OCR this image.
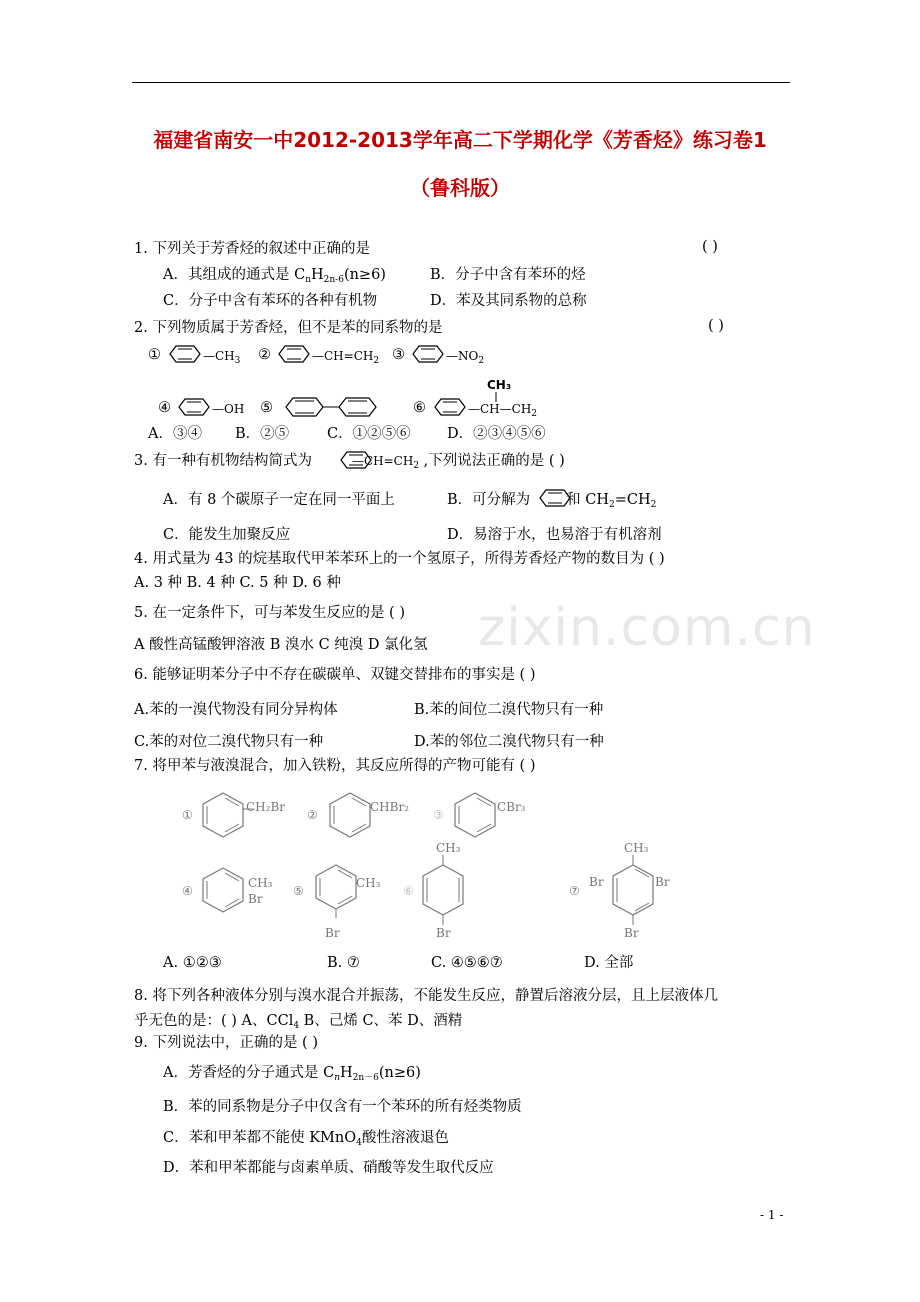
福建省南安一中2012-2013学年高二下学期化学《芳香烃》练习卷1
（鲁科版）
zixin.com.cn
1. 下列关于芳香烃的叙述中正确的是	( )
A．其组成的通式是 $C_nH_{2n-6}(n\ge 6)$	B．分子中含有苯环的烃
C．分子中含有苯环的各种有机物	D．苯及其同系物的总称
2. 下列物质属于芳香烃，但不是苯的同系物的是	( )
①	$—CH_3$ ②	$—CH=CH_2$ ③	$—NO_2$
④	—OH ⑤	⑥
CH₃
$—CH—CH_2$
A．③④ B．②⑤	C．①②⑤⑥	D．②③④⑤⑥
3. 有一种有机物结构简式为	$—CH=CH_2$ ,下列说法正确的是 ( )
A．有 8 个碳原子一定在同一平面上	B．可分解为 和 $CH_2=CH_2$
C．能发生加聚反应	D．易溶于水，也易溶于有机溶剂
4. 用式量为 43 的烷基取代甲苯苯环上的一个氢原子，所得芳香烃产物的数目为 ( )
A. 3 种 B. 4 种 C. 5 种 D. 6 种
5. 在一定条件下，可与苯发生反应的是 ( )
A 酸性高锰酸钾溶液 B 溴水 C 纯溴 D 氯化氢
6. 能够证明苯分子中不存在碳碳单、双键交替排布的事实是 ( )
A.苯的一溴代物没有同分异构体	B.苯的间位二溴代物只有一种
C.苯的对位二溴代物只有一种	D.苯的邻位二溴代物只有一种
7. 将甲苯与液溴混合，加入铁粉，其反应所得的产物可能有 ( )
①
CH₂Br
②
CHBr₂
③
CBr₃
④
CH₃
Br
⑤
CH₃
Br
⑥
CH₃
Br
⑦
CH₃
Br	Br
Br
A. ①②③	B. ⑦	C. ④⑤⑥⑦	D. 全部
8. 将下列各种液体分别与溴水混合并振荡，不能发生反应，静置后溶液分层，且上层液体几
乎无色的是：( ) A、CCl$_4$ B、己烯 C、苯 D、酒精
9. 下列说法中，正确的是 ( )
A．芳香烃的分子通式是 $C_nH_{2n-6}(n\ge 6)$
B．苯的同系物是分子中仅含有一个苯环的所有烃类物质
C．苯和甲苯都不能使 KMnO$_4$酸性溶液退色
D．苯和甲苯都能与卤素单质、硝酸等发生取代反应
- 1 -
